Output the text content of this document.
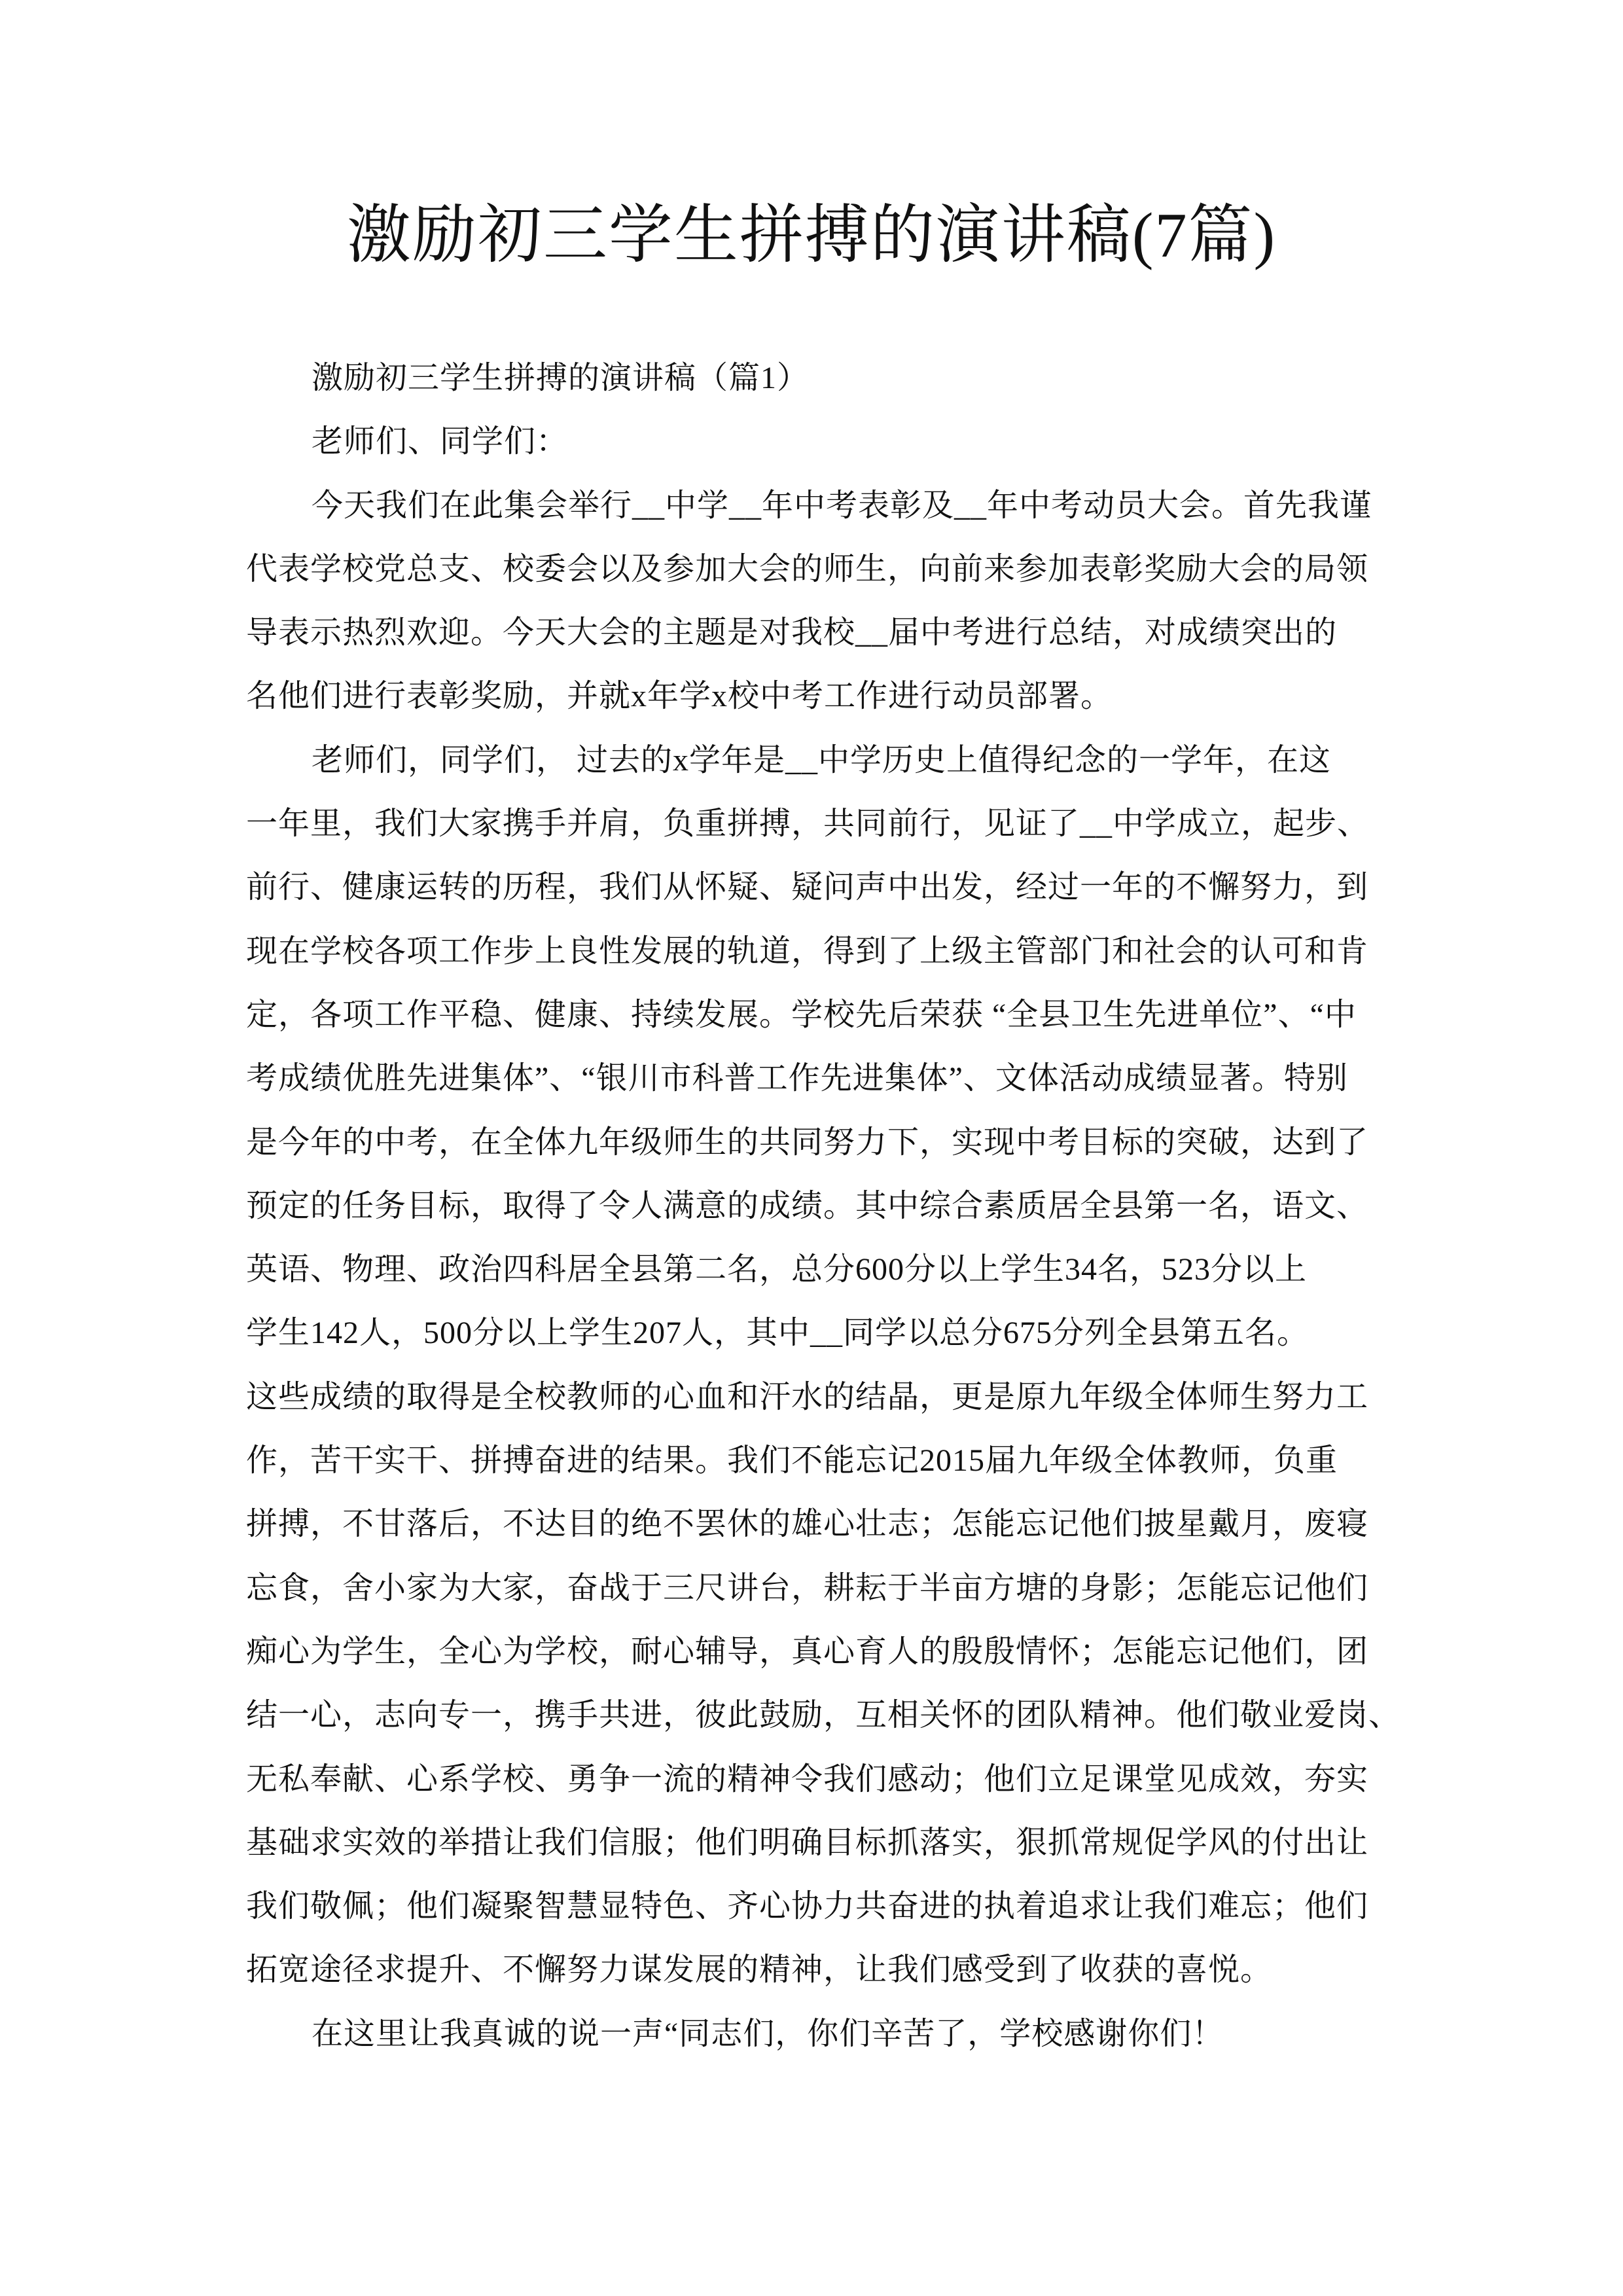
激励初三学生拼搏的演讲稿(7篇)
激励初三学生拼搏的演讲稿（篇1）
老师们、同学们：
今天我们在此集会举行__中学__年中考表彰及__年中考动员大会。首先我谨
代表学校党总支、校委会以及参加大会的师生，向前来参加表彰奖励大会的局领
导表示热烈欢迎。今天大会的主题是对我校__届中考进行总结，对成绩突出的
名他们进行表彰奖励，并就x年学x校中考工作进行动员部署。
老师们，同学们， 过去的x学年是__中学历史上值得纪念的一学年，在这
一年里，我们大家携手并肩，负重拼搏，共同前行，见证了__中学成立，起步、
前行、健康运转的历程，我们从怀疑、疑问声中出发，经过一年的不懈努力，到
现在学校各项工作步上良性发展的轨道，得到了上级主管部门和社会的认可和肯
定，各项工作平稳、健康、持续发展。学校先后荣获 “全县卫生先进单位”、“中
考成绩优胜先进集体”、“银川市科普工作先进集体”、文体活动成绩显著。特别
是今年的中考，在全体九年级师生的共同努力下，实现中考目标的突破，达到了
预定的任务目标，取得了令人满意的成绩。其中综合素质居全县第一名，语文、
英语、物理、政治四科居全县第二名，总分600分以上学生34名，523分以上
学生142人，500分以上学生207人，其中__同学以总分675分列全县第五名。
这些成绩的取得是全校教师的心血和汗水的结晶，更是原九年级全体师生努力工
作，苦干实干、拼搏奋进的结果。我们不能忘记2015届九年级全体教师，负重
拼搏，不甘落后，不达目的绝不罢休的雄心壮志；怎能忘记他们披星戴月，废寝
忘食，舍小家为大家，奋战于三尺讲台，耕耘于半亩方塘的身影；怎能忘记他们
痴心为学生，全心为学校，耐心辅导，真心育人的殷殷情怀；怎能忘记他们，团
结一心，志向专一，携手共进，彼此鼓励，互相关怀的团队精神。他们敬业爱岗、
无私奉献、心系学校、勇争一流的精神令我们感动；他们立足课堂见成效，夯实
基础求实效的举措让我们信服；他们明确目标抓落实，狠抓常规促学风的付出让
我们敬佩；他们凝聚智慧显特色、齐心协力共奋进的执着追求让我们难忘；他们
拓宽途径求提升、不懈努力谋发展的精神，让我们感受到了收获的喜悦。
在这里让我真诚的说一声“同志们，你们辛苦了，学校感谢你们！
